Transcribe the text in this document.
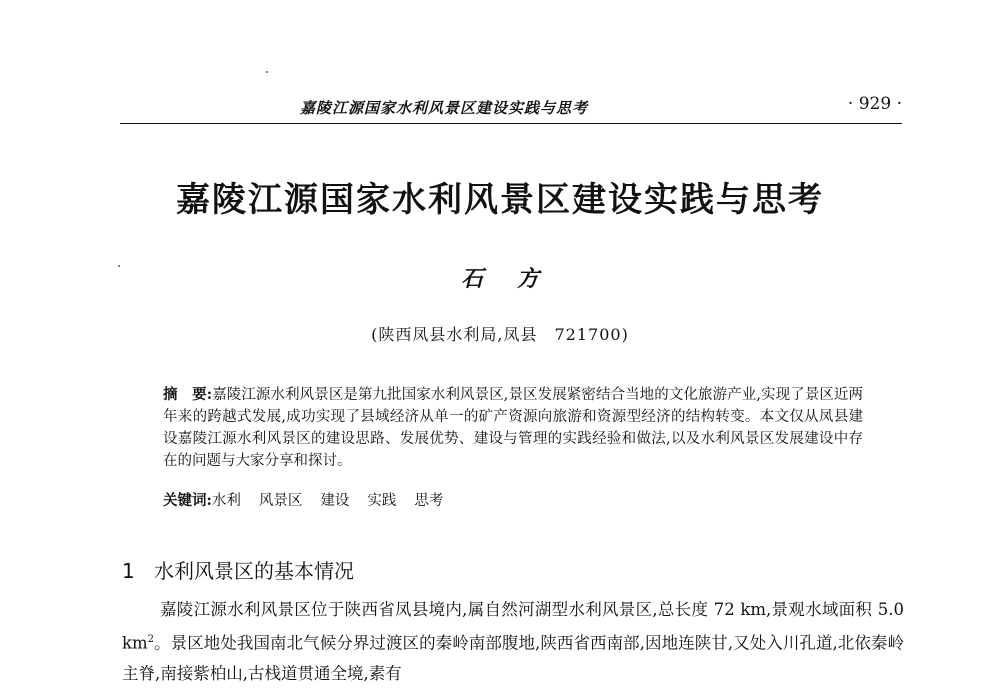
嘉陵江源国家水利风景区建设实践与思考	· 929 ·
嘉陵江源国家水利风景区建设实践与思考
石 方
(陕西凤县水利局,凤县　721700)
摘　要:嘉陵江源水利风景区是第九批国家水利风景区,景区发展紧密结合当地的文化旅游产业,实现了景区近两年来的跨越式发展,成功实现了县域经济从单一的矿产资源向旅游和资源型经济的结构转变。本文仅从凤县建设嘉陵江源水利风景区的建设思路、发展优势、建设与管理的实践经验和做法,以及水利风景区发展建设中存在的问题与大家分享和探讨。
关键词:水利 风景区 建设 实践 思考
1 水利风景区的基本情况

嘉陵江源水利风景区位于陕西省凤县境内,属自然河湖型水利风景区,总长度 72 km,景观水域面积 5.0 $km^2$。景区地处我国南北气候分界过渡区的秦岭南部腹地,陕西省西南部,因地连陕甘,又处入川孔道,北依秦岭主脊,南接紫柏山,古栈道贯通全境,素有
